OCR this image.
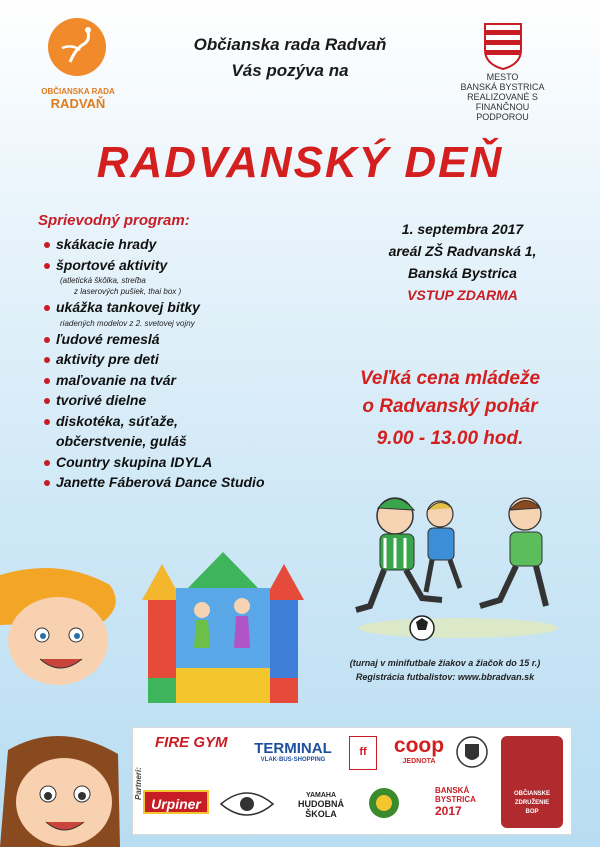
OBČIANSKA RADA
RADVAŇ
Občianska rada Radvaň
Vás pozýva na	MESTO
BANSKÁ BYSTRICA
REALIZOVANÉ S FINANČNOU
PODPOROU
RADVANSKÝ DEŇ
Sprievodný program:
skákacie hrady
športové aktivity
(atletická škôlka, streľba
z laserových pušiek, thai box )
ukážka tankovej bitky
riadených modelov z 2. svetovej vojny
ľudové remeslá
aktivity pre deti
maľovanie na tvár
tvorivé dielne
diskotéka, súťaže,
občerstvenie, guláš
Country skupina IDYLA
Janette Fáberová Dance Studio
1. septembra 2017
areál ZŠ Radvanská 1,
Banská Bystrica
VSTUP ZDARMA
Veľká cena mládeže
o Radvanský pohár
9.00 - 13.00 hod.
(turnaj v minifutbale žiakov a žiačok do 15 r.)
Registrácia futbalistov: www.bbradvan.sk
FIRE GYM	TERMINAL
VLAK·BUS·SHOPPING
ff	coop
JEDNOTA
OBČIANSKE
ZDRUŽENIE
BOP
Urpiner
YAMAHA
HUDOBNÁ ŠKOLA
BANSKÁ
BYSTRICA
2017
Partneri:
